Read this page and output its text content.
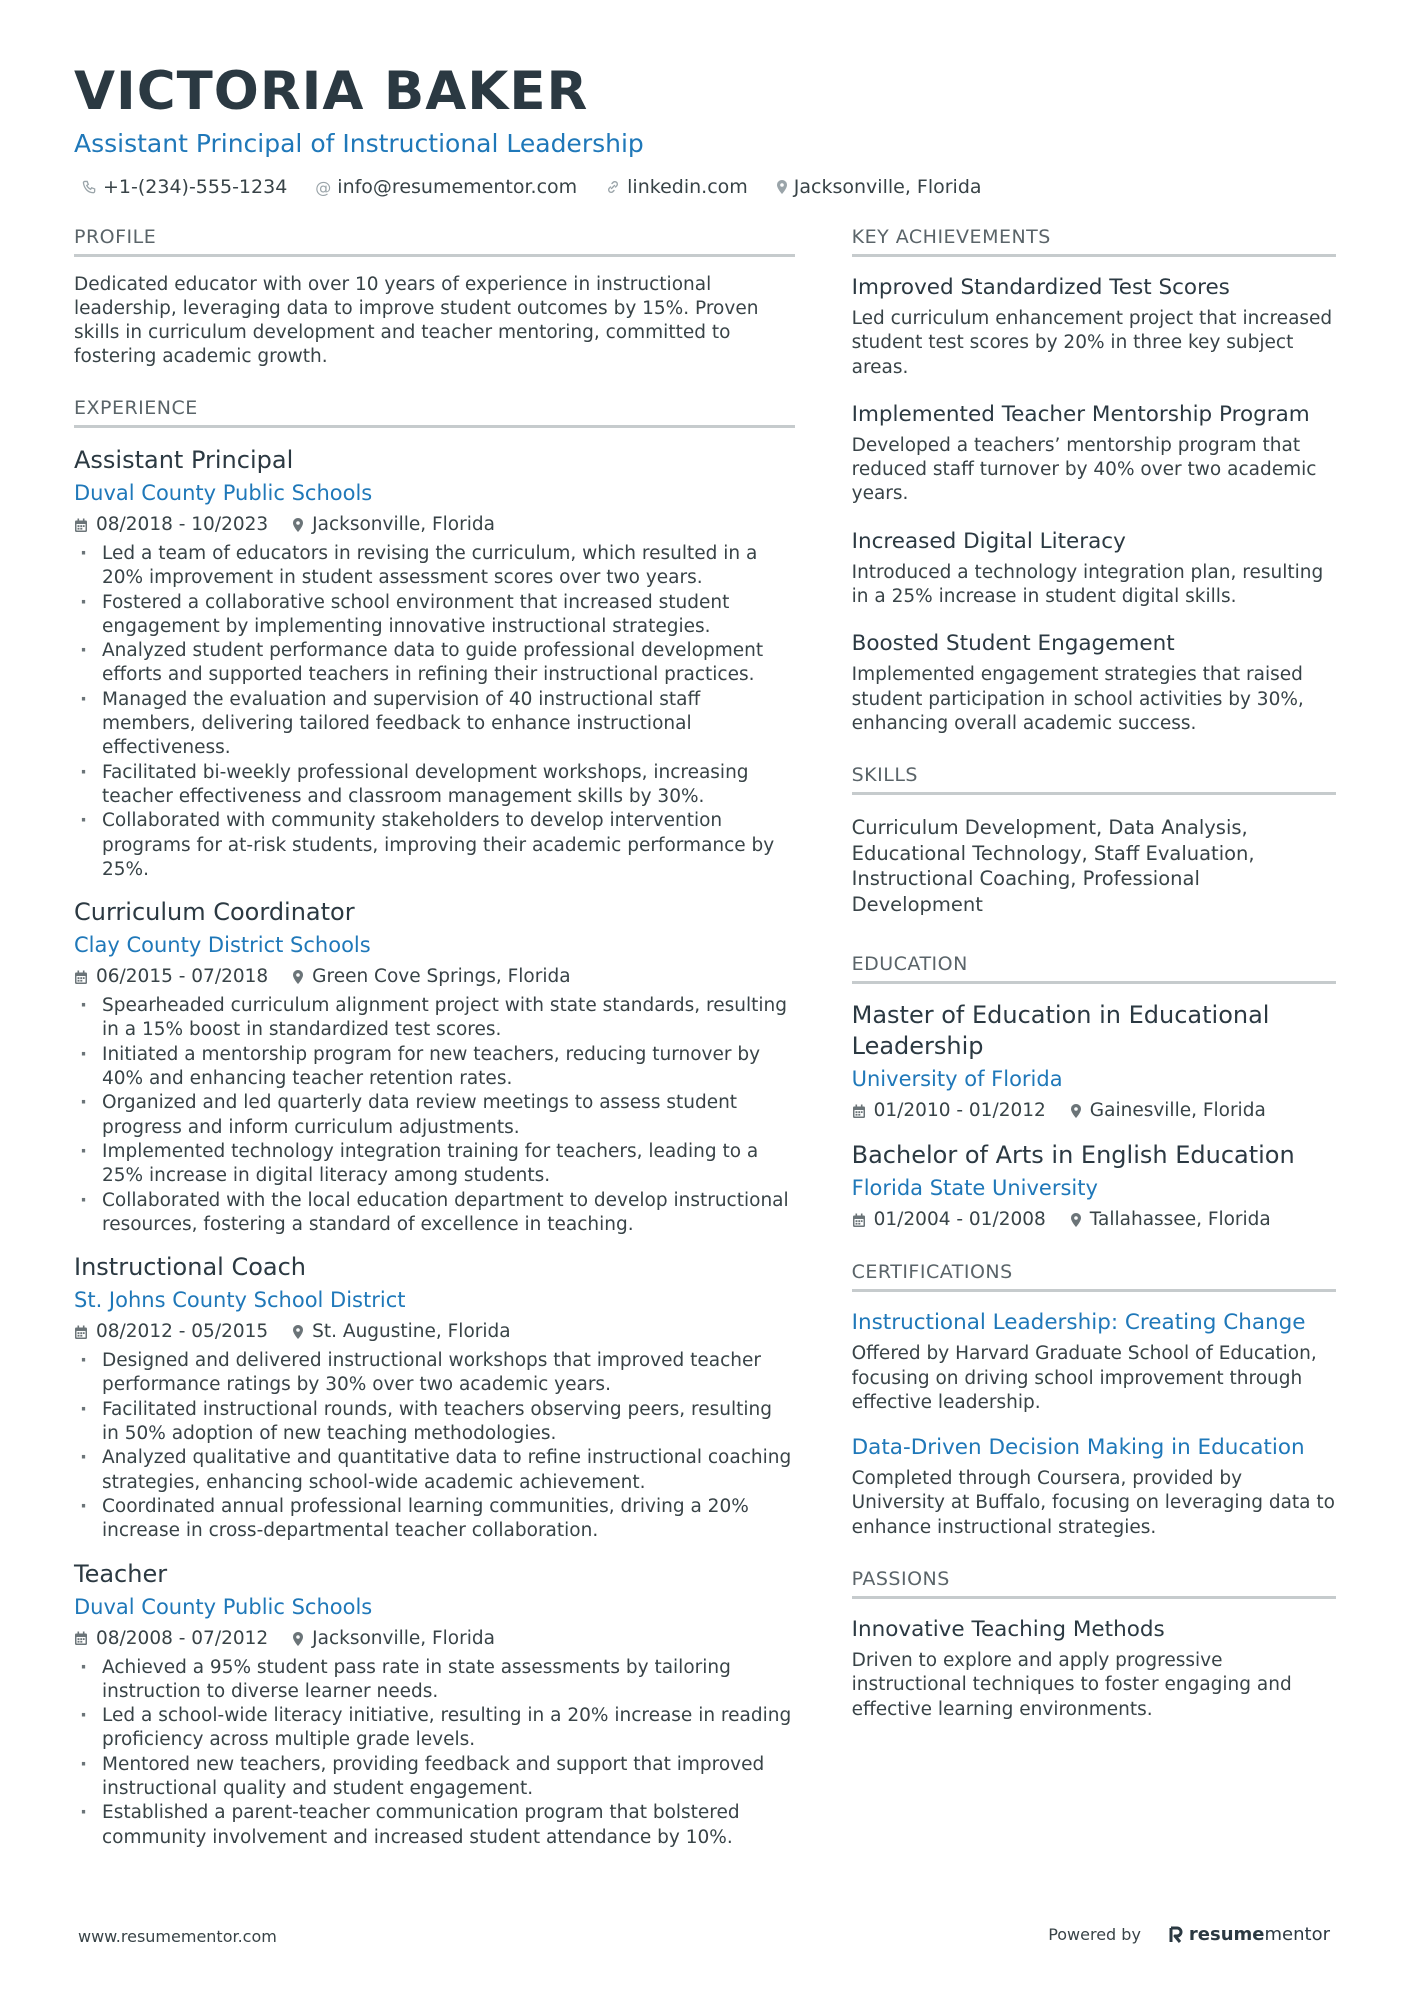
VICTORIA BAKER
Assistant Principal of Instructional Leadership
+1-(234)-555-1234 @ info@resumementor.com	linkedin.com Jacksonville, Florida
PROFILE
Dedicated educator with over 10 years of experience in instructional leadership, leveraging data to improve student outcomes by 15%. Proven skills in curriculum development and teacher mentoring, committed to fostering academic growth.
EXPERIENCE
Assistant Principal
Duval County Public Schools
08/2018 - 10/2023 Jacksonville, Florida
· Led a team of educators in revising the curriculum, which resulted in a 20% improvement in student assessment scores over two years.
· Fostered a collaborative school environment that increased student engagement by implementing innovative instructional strategies.
· Analyzed student performance data to guide professional development efforts and supported teachers in refining their instructional practices.
· Managed the evaluation and supervision of 40 instructional staff members, delivering tailored feedback to enhance instructional effectiveness.
· Facilitated bi-weekly professional development workshops, increasing teacher effectiveness and classroom management skills by 30%.
· Collaborated with community stakeholders to develop intervention programs for at-risk students, improving their academic performance by 25%.
Curriculum Coordinator
Clay County District Schools
06/2015 - 07/2018 Green Cove Springs, Florida
· Spearheaded curriculum alignment project with state standards, resulting in a 15% boost in standardized test scores.
· Initiated a mentorship program for new teachers, reducing turnover by 40% and enhancing teacher retention rates.
· Organized and led quarterly data review meetings to assess student progress and inform curriculum adjustments.
· Implemented technology integration training for teachers, leading to a 25% increase in digital literacy among students.
· Collaborated with the local education department to develop instructional resources, fostering a standard of excellence in teaching.
Instructional Coach
St. Johns County School District
08/2012 - 05/2015 St. Augustine, Florida
· Designed and delivered instructional workshops that improved teacher performance ratings by 30% over two academic years.
· Facilitated instructional rounds, with teachers observing peers, resulting in 50% adoption of new teaching methodologies.
· Analyzed qualitative and quantitative data to refine instructional coaching strategies, enhancing school-wide academic achievement.
· Coordinated annual professional learning communities, driving a 20% increase in cross-departmental teacher collaboration.
Teacher
Duval County Public Schools
08/2008 - 07/2012 Jacksonville, Florida
· Achieved a 95% student pass rate in state assessments by tailoring instruction to diverse learner needs.
· Led a school-wide literacy initiative, resulting in a 20% increase in reading proficiency across multiple grade levels.
· Mentored new teachers, providing feedback and support that improved instructional quality and student engagement.
· Established a parent-teacher communication program that bolstered community involvement and increased student attendance by 10%.
KEY ACHIEVEMENTS
Improved Standardized Test Scores
Led curriculum enhancement project that increased student test scores by 20% in three key subject areas.
Implemented Teacher Mentorship Program
Developed a teachers’ mentorship program that reduced staff turnover by 40% over two academic years.
Increased Digital Literacy
Introduced a technology integration plan, resulting in a 25% increase in student digital skills.
Boosted Student Engagement
Implemented engagement strategies that raised student participation in school activities by 30%, enhancing overall academic success.
SKILLS
Curriculum Development, Data Analysis, Educational Technology, Staff Evaluation, Instructional Coaching, Professional Development
EDUCATION
Master of Education in Educational Leadership
University of Florida
01/2010 - 01/2012 Gainesville, Florida
Bachelor of Arts in English Education
Florida State University
01/2004 - 01/2008 Tallahassee, Florida
CERTIFICATIONS
Instructional Leadership: Creating Change
Offered by Harvard Graduate School of Education, focusing on driving school improvement through effective leadership.
Data-Driven Decision Making in Education
Completed through Coursera, provided by University at Buffalo, focusing on leveraging data to enhance instructional strategies.
PASSIONS
Innovative Teaching Methods
Driven to explore and apply progressive instructional techniques to foster engaging and effective learning environments.
www.resumementor.com	Powered by	resume mentor
